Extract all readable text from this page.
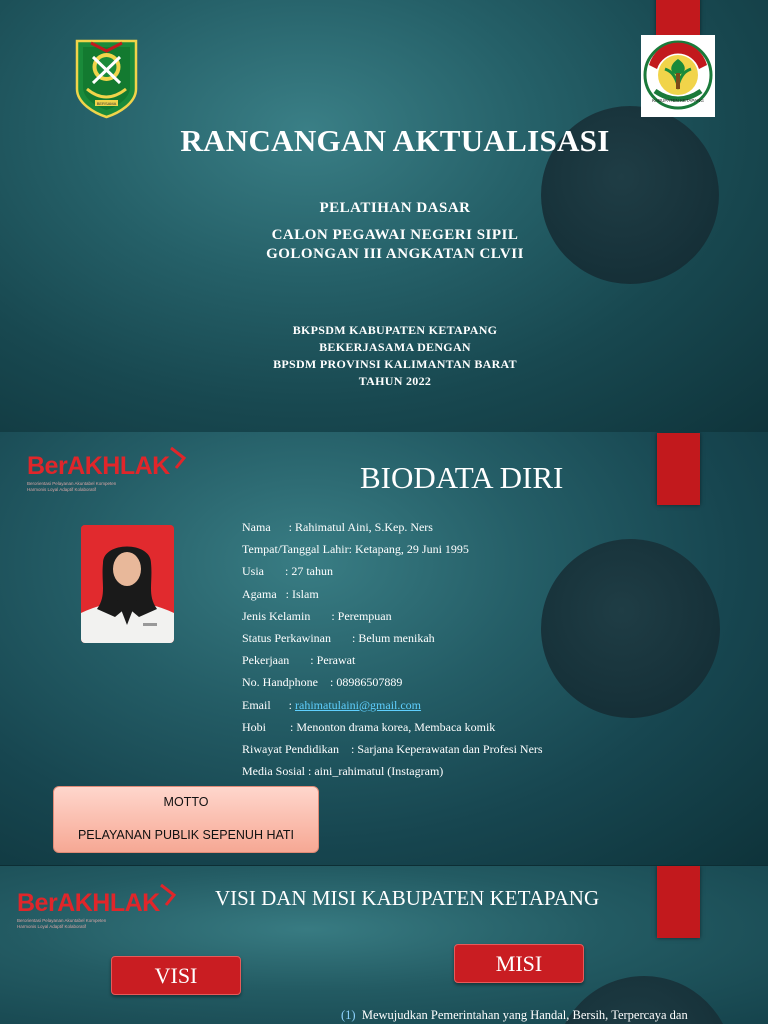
BERSAMA
KABUPATEN KETAPANG
RANCANGAN AKTUALISASI
PELATIHAN DASAR
CALON PEGAWAI NEGERI SIPIL
GOLONGAN III ANGKATAN CLVII
BKPSDM KABUPATEN KETAPANG
BEKERJASAMA DENGAN
BPSDM PROVINSI KALIMANTAN BARAT
TAHUN 2022
BerAKHLAK
Berorientasi Pelayanan Akuntabel Kompeten
Harmonis Loyal Adaptif Kolaboratif	BIODATA DIRI
Nama      : Rahimatul Aini, S.Kep. Ners
Tempat/Tanggal Lahir: Ketapang, 29 Juni 1995
Usia       : 27 tahun
Agama   : Islam
Jenis Kelamin       : Perempuan
Status Perkawinan       : Belum menikah
Pekerjaan       : Perawat
No. Handphone    : 08986507889
Email      : rahimatulaini@gmail.com
Hobi        : Menonton drama korea, Membaca komik
Riwayat Pendidikan    : Sarjana Keperawatan dan Profesi Ners
Media Sosial : aini_rahimatul (Instagram)
MOTTO
PELAYANAN PUBLIK SEPENUH HATI
BerAKHLAK
Berorientasi Pelayanan Akuntabel Kompeten
Harmonis Loyal Adaptif Kolaboratif
VISI DAN MISI KABUPATEN KETAPANG
VISI	MISI
(1) Mewujudkan Pemerintahan yang Handal, Bersih, Terpercaya dan
